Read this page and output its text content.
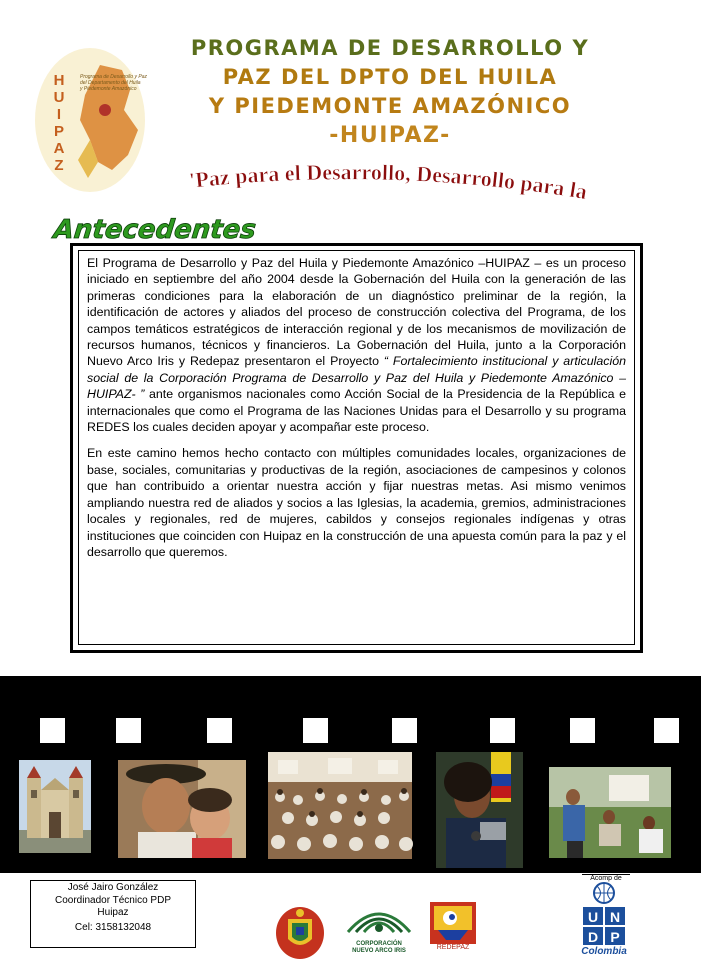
H
U
I
P
A
Z
Programa de Desarrollo y Paz
del Departamento del Huila
y Piedemonte Amazónico
PROGRAMA DE DESARROLLO Y
PAZ DEL DPTO DEL HUILA
Y PIEDEMONTE AMAZÓNICO
-HUIPAZ-
'Paz para el Desarrollo, Desarrollo para la
Antecedentes

El Programa de Desarrollo y Paz del Huila y Piedemonte Amazónico –HUIPAZ – es un proceso iniciado en septiembre del año 2004 desde la Gobernación del Huila con la generación de las primeras condiciones para la elaboración de un diagnóstico preliminar de la región, la identificación de actores y aliados del proceso de construcción colectiva del Programa, de los campos temáticos estratégicos de interacción regional y de los mecanismos de movilización de recursos humanos, técnicos y financieros. La Gobernación del Huila, junto a la Corporación Nuevo Arco Iris y Redepaz presentaron el Proyecto “ Fortalecimiento institucional y articulación social de la Corporación Programa de Desarrollo y Paz del Huila y Piedemonte Amazónico – HUIPAZ- ” ante organismos nacionales como Acción Social de la Presidencia de la República e internacionales que como el Programa de las Naciones Unidas para el Desarrollo y su programa REDES los cuales deciden apoyar y acompañar este proceso.

En este camino hemos hecho contacto con múltiples comunidades locales, organizaciones de base, sociales, comunitarias y productivas de la región, asociaciones de campesinos y colonos que han contribuido a orientar nuestra acción y fijar nuestras metas. Asi mismo venimos ampliando nuestra red de aliados y socios a las Iglesias, la academia, gremios, administraciones locales y regionales, red de mujeres, cabildos y consejos regionales indígenas y otras instituciones que coinciden con Huipaz en la construcción de una apuesta común para la paz y el desarrollo que queremos.

José Jairo González
Coordinador Técnico PDP Huipaz
Cel: 3158132048
CORPORACIÓN
NUEVO ARCO IRIS	REDEPAZ
Acomp de
U N
D P
Colombia
